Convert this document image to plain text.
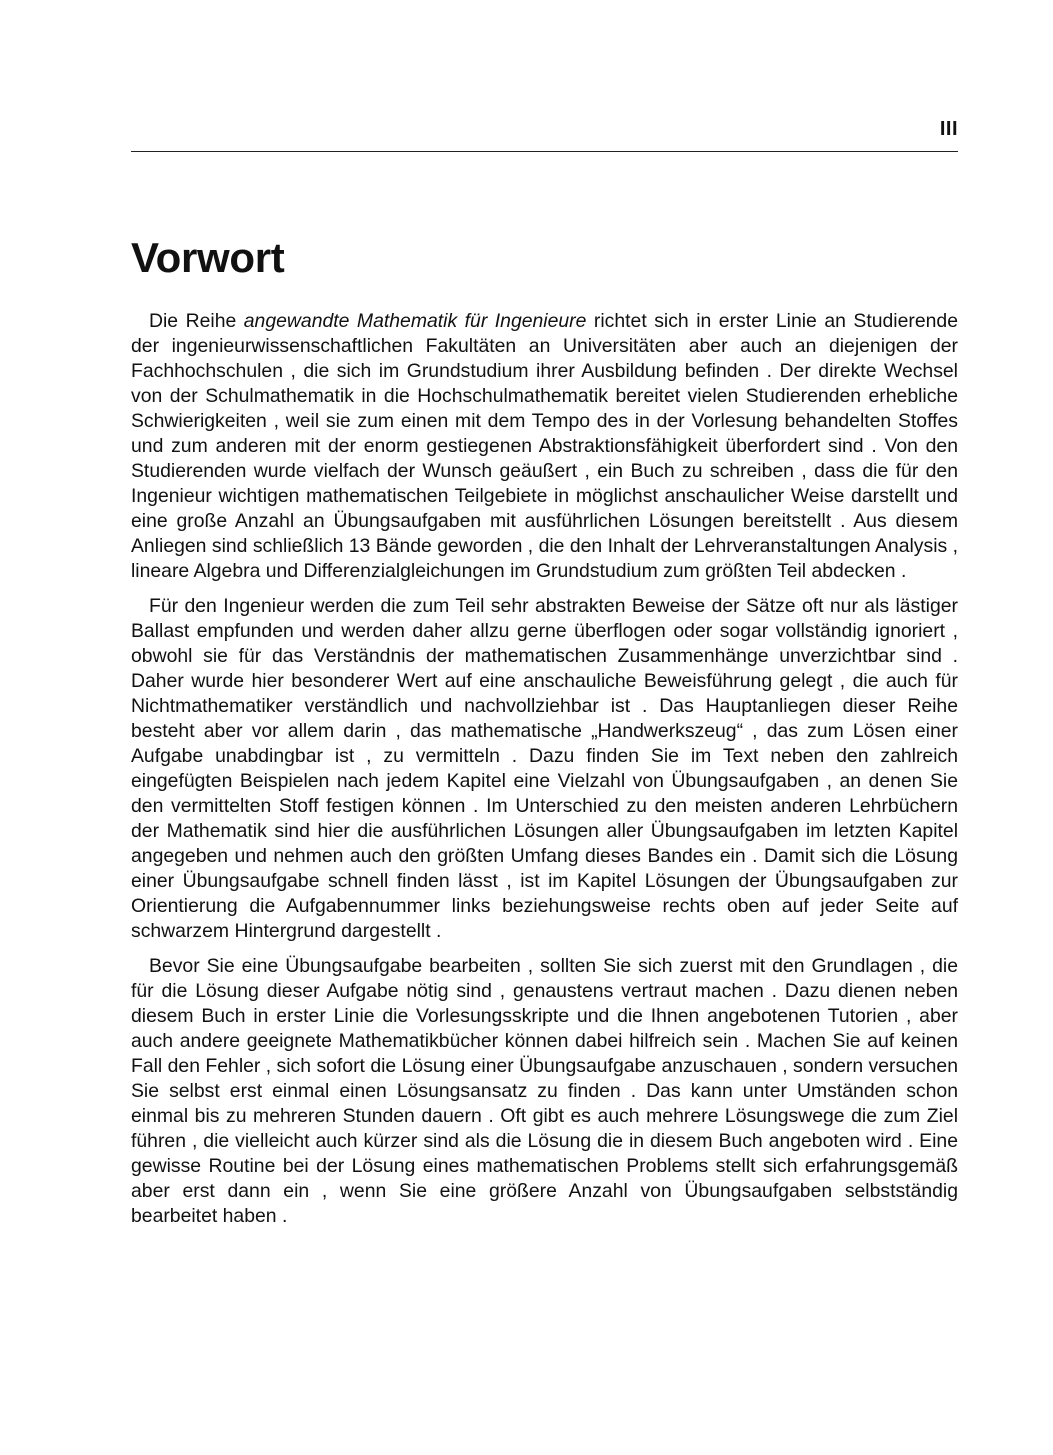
III
Vorwort

Die Reihe angewandte Mathematik für Ingenieure richtet sich in erster Linie an Studierende der ingenieurwissenschaftlichen Fakultäten an Universitäten aber auch an diejenigen der Fachhochschulen , die sich im Grundstudium ihrer Ausbildung befinden . Der direkte Wechsel von der Schulmathematik in die Hochschulmathematik bereitet vielen Studierenden erhebliche Schwierigkeiten , weil sie zum einen mit dem Tempo des in der Vorlesung behandelten Stoffes und zum anderen mit der enorm gestiegenen Abstraktionsfähigkeit überfordert sind . Von den Studierenden wurde vielfach der Wunsch geäußert , ein Buch zu schreiben , dass die für den Ingenieur wichtigen mathematischen Teilgebiete in möglichst anschaulicher Weise darstellt und eine große Anzahl an Übungsaufgaben mit ausführlichen Lösungen bereitstellt . Aus diesem Anliegen sind schließlich 13 Bände geworden , die den Inhalt der Lehrveranstaltungen Analysis , lineare Algebra und Differenzialgleichungen im Grundstudium zum größten Teil abdecken .

Für den Ingenieur werden die zum Teil sehr abstrakten Beweise der Sätze oft nur als lästiger Ballast empfunden und werden daher allzu gerne überflogen oder sogar vollständig ignoriert , obwohl sie für das Verständnis der mathematischen Zusammenhänge unverzichtbar sind . Daher wurde hier besonderer Wert auf eine anschauliche Beweisführung gelegt , die auch für Nichtmathematiker verständlich und nachvollziehbar ist . Das Hauptanliegen dieser Reihe besteht aber vor allem darin , das mathematische „Handwerkszeug“ , das zum Lösen einer Aufgabe unabdingbar ist , zu vermitteln . Dazu finden Sie im Text neben den zahlreich eingefügten Beispielen nach jedem Kapitel eine Vielzahl von Übungsaufgaben , an denen Sie den vermittelten Stoff festigen können . Im Unterschied zu den meisten anderen Lehrbüchern der Mathematik sind hier die ausführlichen Lösungen aller Übungsaufgaben im letzten Kapitel angegeben und nehmen auch den größten Umfang dieses Bandes ein . Damit sich die Lösung einer Übungsaufgabe schnell finden lässt , ist im Kapitel Lösungen der Übungsaufgaben zur Orientierung die Aufgabennummer links beziehungsweise rechts oben auf jeder Seite auf schwarzem Hintergrund dargestellt .

Bevor Sie eine Übungsaufgabe bearbeiten , sollten Sie sich zuerst mit den Grundlagen , die für die Lösung dieser Aufgabe nötig sind , genaustens vertraut machen . Dazu dienen neben diesem Buch in erster Linie die Vorlesungsskripte und die Ihnen angebotenen Tutorien , aber auch andere geeignete Mathematikbücher können dabei hilfreich sein . Machen Sie auf keinen Fall den Fehler , sich sofort die Lösung einer Übungsaufgabe anzuschauen , sondern versuchen Sie selbst erst einmal einen Lösungsansatz zu finden . Das kann unter Umständen schon einmal bis zu mehreren Stunden dauern . Oft gibt es auch mehrere Lösungswege die zum Ziel führen , die vielleicht auch kürzer sind als die Lösung die in diesem Buch angeboten wird . Eine gewisse Routine bei der Lösung eines mathematischen Problems stellt sich erfahrungsgemäß aber erst dann ein , wenn Sie eine größere Anzahl von Übungsaufgaben selbstständig bearbeitet haben .
